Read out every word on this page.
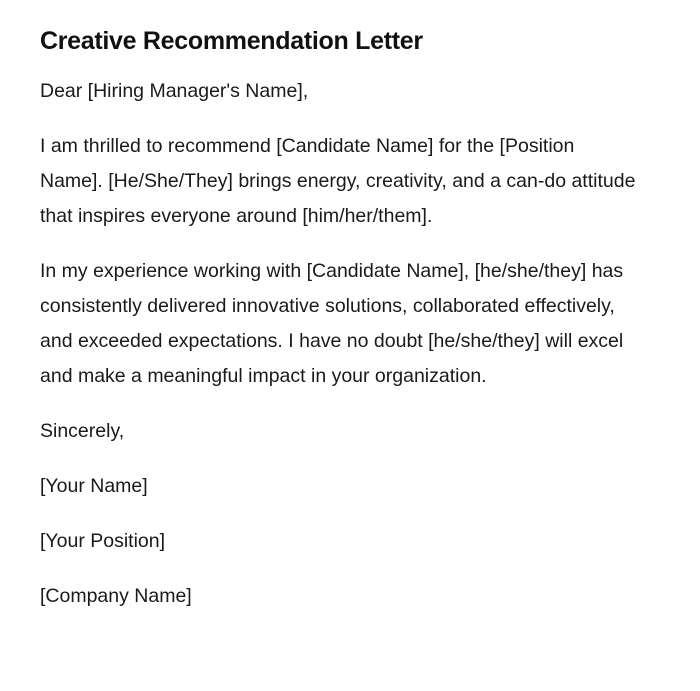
Creative Recommendation Letter

Dear [Hiring Manager's Name],

I am thrilled to recommend [Candidate Name] for the [Position Name]. [He/She/They] brings energy, creativity, and a can-do attitude that inspires everyone around [him/her/them].

In my experience working with [Candidate Name], [he/she/they] has consistently delivered innovative solutions, collaborated effectively, and exceeded expectations. I have no doubt [he/she/they] will excel and make a meaningful impact in your organization.

Sincerely,

[Your Name]

[Your Position]

[Company Name]
